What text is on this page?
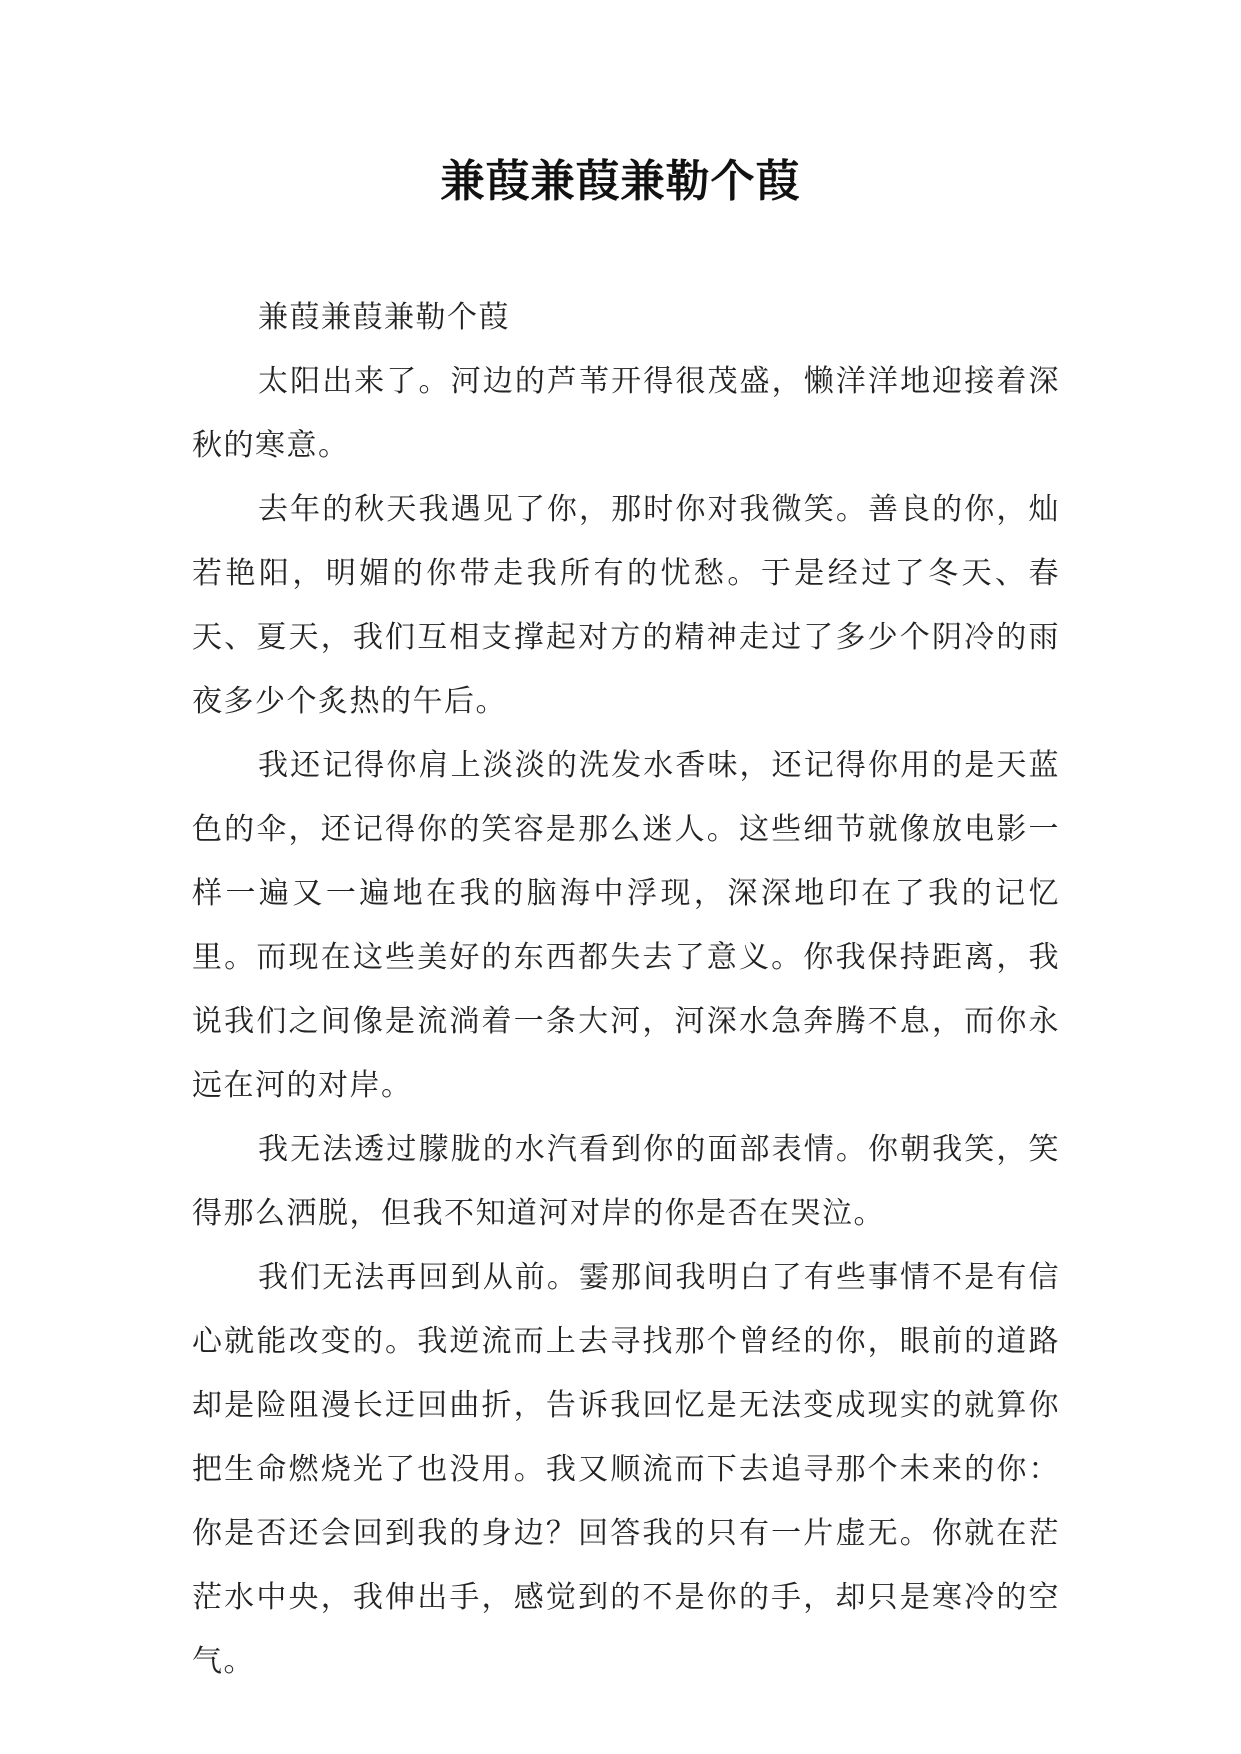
兼葭兼葭兼勒个葭

兼葭兼葭兼勒个葭

太阳出来了。河边的芦苇开得很茂盛，懒洋洋地迎接着深秋的寒意。

去年的秋天我遇见了你，那时你对我微笑。善良的你，灿若艳阳，明媚的你带走我所有的忧愁。于是经过了冬天、春天、夏天，我们互相支撑起对方的精神走过了多少个阴冷的雨夜多少个炙热的午后。

我还记得你肩上淡淡的洗发水香味，还记得你用的是天蓝色的伞，还记得你的笑容是那么迷人。这些细节就像放电影一样一遍又一遍地在我的脑海中浮现，深深地印在了我的记忆里。而现在这些美好的东西都失去了意义。你我保持距离，我说我们之间像是流淌着一条大河，河深水急奔腾不息，而你永远在河的对岸。

我无法透过朦胧的水汽看到你的面部表情。你朝我笑，笑得那么洒脱，但我不知道河对岸的你是否在哭泣。

我们无法再回到从前。霎那间我明白了有些事情不是有信心就能改变的。我逆流而上去寻找那个曾经的你，眼前的道路却是险阻漫长迂回曲折，告诉我回忆是无法变成现实的就算你把生命燃烧光了也没用。我又顺流而下去追寻那个未来的你：你是否还会回到我的身边？回答我的只有一片虚无。你就在茫茫水中央，我伸出手，感觉到的不是你的手，却只是寒冷的空气。
